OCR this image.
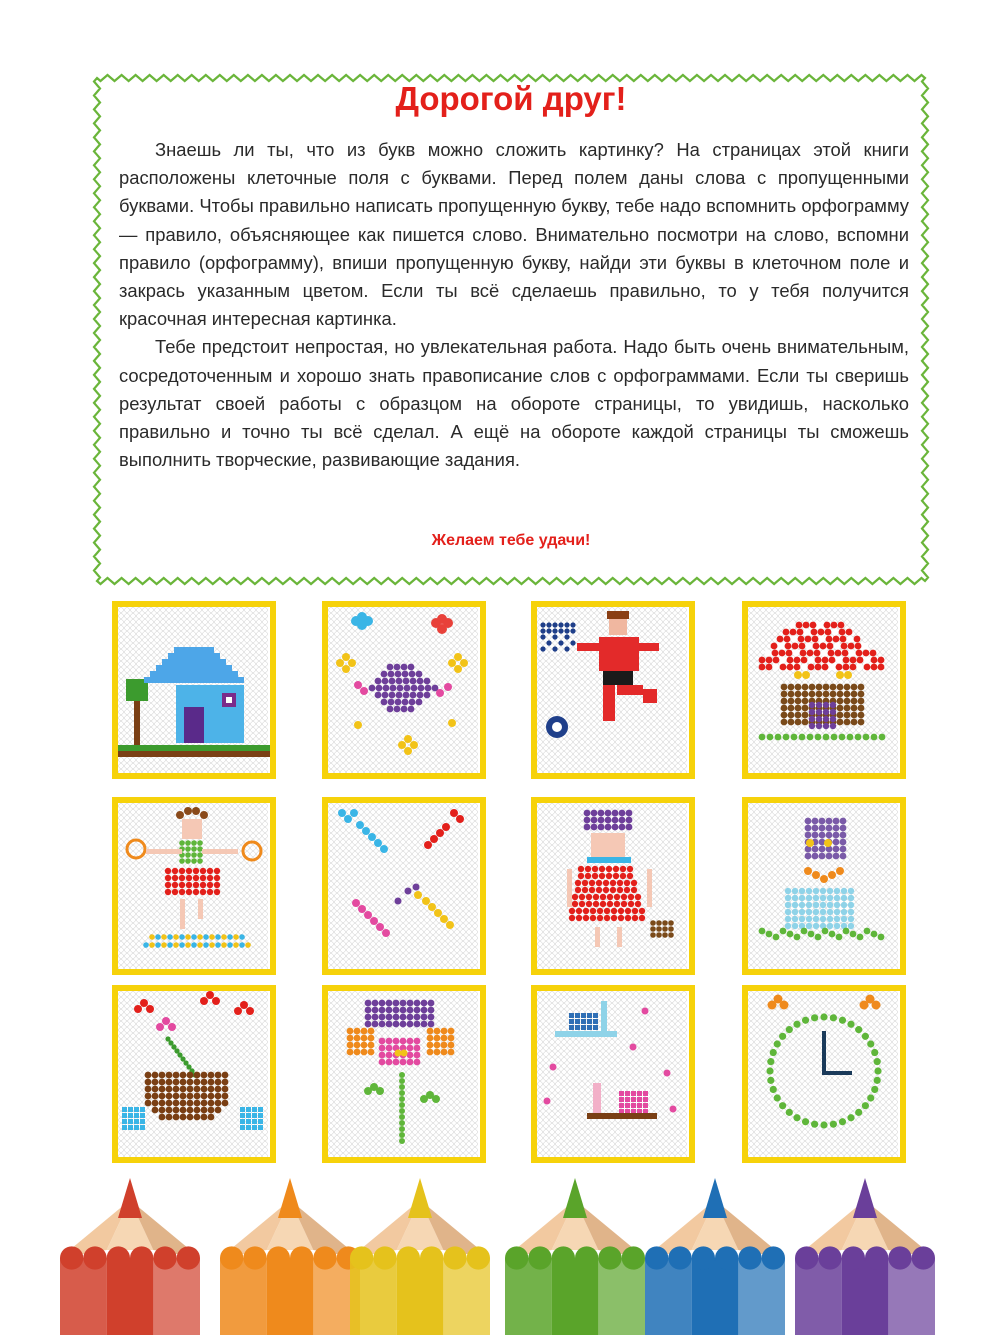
Дорогой друг!

Знаешь ли ты, что из букв можно сложить картинку? На страницах этой книги расположены клеточные поля с буквами. Перед полем даны слова с пропущенными буквами. Чтобы правильно написать пропущенную букву, тебе надо вспомнить орфограмму — правило, объясняющее как пишется слово. Внимательно посмотри на слово, вспомни правило (орфограмму), впиши пропущенную букву, найди эти буквы в клеточном поле и закрась указанным цветом. Если ты всё сделаешь правильно, то у тебя получится красочная интересная картинка.

Тебе предстоит непростая, но увлекательная работа. Надо быть очень внимательным, сосредоточенным и хорошо знать правописание слов с орфограммами. Если ты сверишь результат своей работы с образцом на обороте страницы, то увидишь, насколько правильно и точно ты всё сделал. А ещё на обороте каждой страницы ты сможешь выполнить творческие, развивающие задания.

Желаем тебе удачи!
